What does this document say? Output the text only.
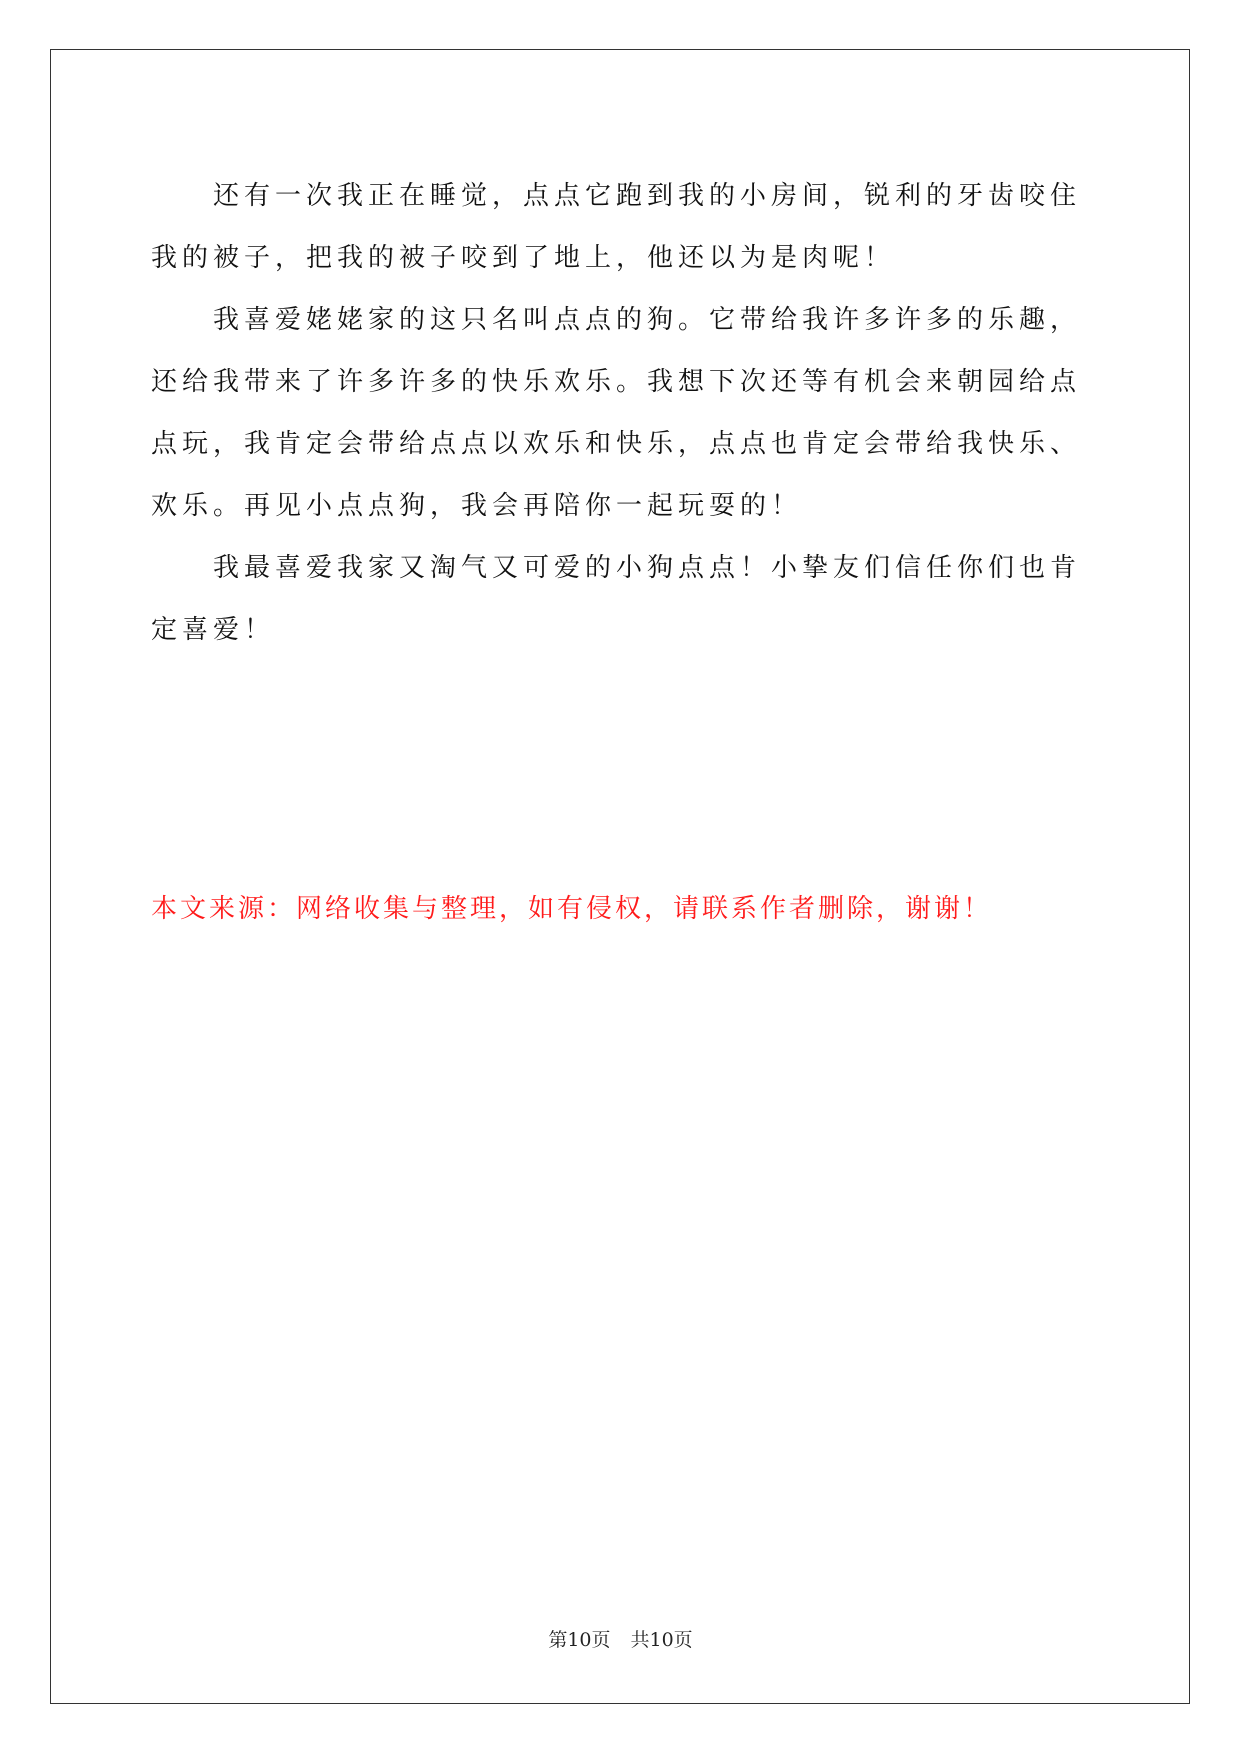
还有一次我正在睡觉，点点它跑到我的小房间，锐利的牙齿咬住我的被子，把我的被子咬到了地上，他还以为是肉呢！

我喜爱姥姥家的这只名叫点点的狗。它带给我许多许多的乐趣，还给我带来了许多许多的快乐欢乐。我想下次还等有机会来朝园给点点玩，我肯定会带给点点以欢乐和快乐，点点也肯定会带给我快乐、欢乐。再见小点点狗，我会再陪你一起玩耍的！

我最喜爱我家又淘气又可爱的小狗点点！小挚友们信任你们也肯定喜爱！

本文来源：网络收集与整理，如有侵权，请联系作者删除，谢谢！

第10页 共10页
